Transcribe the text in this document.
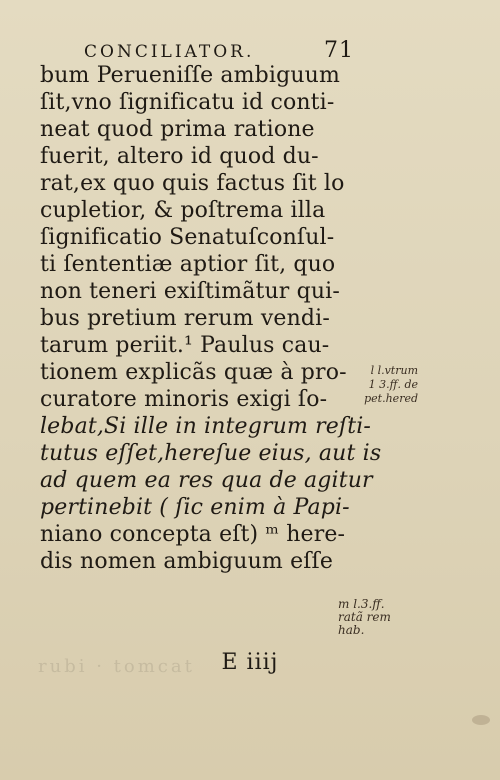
CONCILIATOR.	71
bum Perueniſſe ambiguum
ſit,vno ſignificatu id conti-
neat quod prima ratione
fuerit, altero id quod du-
rat,ex quo quis factus ſit lo
cupletior, & poſtrema illa
ſignificatio Senatuſconſul-
ti ſententiæ aptior ſit, quo
non teneri exiſtimãtur qui-
bus pretium rerum vendi-
tarum periit.¹ Paulus cau-
tionem explicãs quæ à pro-
curatore minoris exigi ſo-
lebat,Si ille in integrum reſti-
tutus eſſet,hereſue eius, aut is
ad quem ea res qua de agitur
pertinebit ( ſic enim à Papi-
niano concepta eſt) ᵐ here-
dis nomen ambiguum eſſe
l l.vtrum
1 3.ff. de
pet.hered
m l.3.ff.
ratã rem
hab.
rubi · tomcat	E iiij
